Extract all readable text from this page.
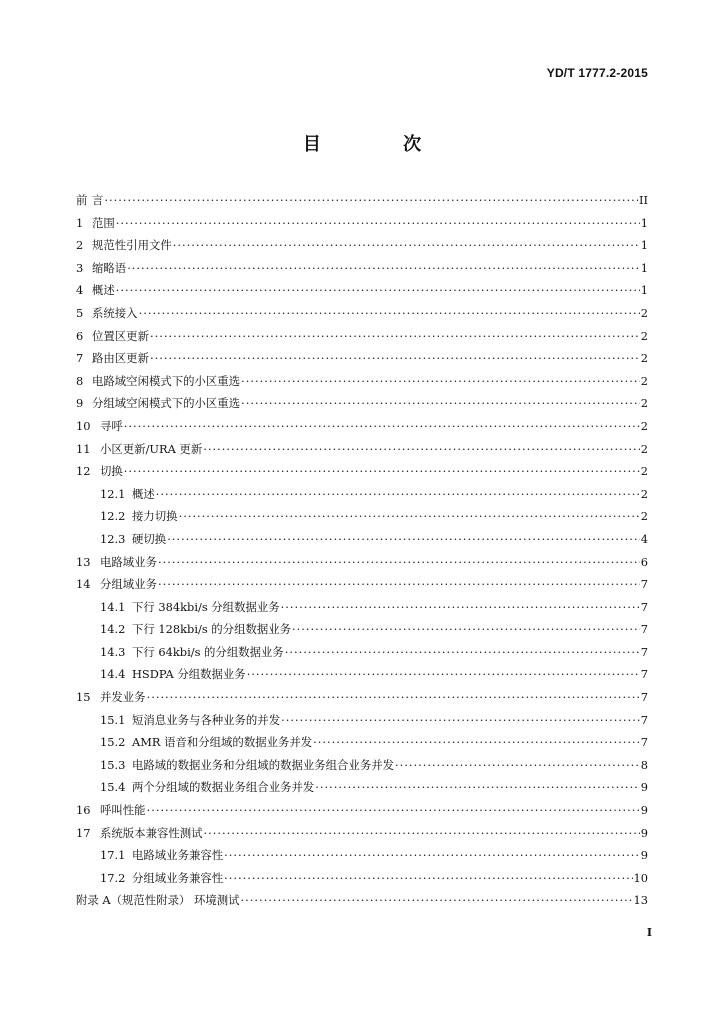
YD/T 1777.2-2015
目 次
前 言 ·····	II
1 范围 ·····	1
2 规范性引用文件 ·····	1
3 缩略语 ·····	1
4 概述 ·····	1
5 系统接入 ·····	2
6 位置区更新 ·····	2
7 路由区更新 ·····	2
8 电路域空闲模式下的小区重选 ·····	2
9 分组域空闲模式下的小区重选 ·····	2
10 寻呼 ·····	2
11 小区更新/URA 更新 ·····	2
12 切换 ·····	2
12.1 概述 ·····	2
12.2 接力切换 ·····	2
12.3 硬切换 ·····	4
13 电路域业务 ·····	6
14 分组域业务 ·····	7
14.1 下行 384kbi/s 分组数据业务 ·····	7
14.2 下行 128kbi/s 的分组数据业务 ·····	7
14.3 下行 64kbi/s 的分组数据业务 ·····	7
14.4 HSDPA 分组数据业务 ·····	7
15 并发业务 ·····	7
15.1 短消息业务与各种业务的并发 ·····	7
15.2 AMR 语音和分组域的数据业务并发 ·····	7
15.3 电路域的数据业务和分组域的数据业务组合业务并发 ·····	8
15.4 两个分组域的数据业务组合业务并发 ·····	9
16 呼叫性能 ·····	9
17 系统版本兼容性测试 ·····	9
17.1 电路域业务兼容性 ·····	9
17.2 分组域业务兼容性 ·····	10
附录 A（规范性附录） 环境测试 ·····	13
I
